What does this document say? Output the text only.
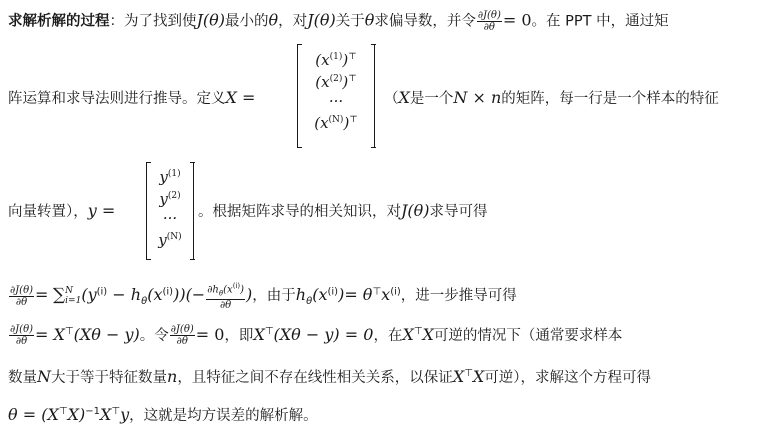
求解析解的过程：为了找到使J(θ)最小的θ，对J(θ)关于θ求偏导数，并令 $\frac{\partial J(\theta)}{\partial\theta} = 0$。在 PPT 中，通过矩
阵运算和求导法则进行推导。定义X =	（X是一个N × n的矩阵，每一行是一个样本的特征
$(x^{(1)})^⊤$
$(x^{(2)})^⊤$
···
$(x^{(N)})^⊤$
向量转置），y =	。根据矩阵求导的相关知识，对J(θ)求导可得
$y^{(1)}$
$y^{(2)}$
···
$y^{(N)}$
$\frac{\partial J(\theta)}{\partial\theta}$ = ∑ N
i=1 $(y^{(i)} - h_\theta(x^{(i)}))(- \frac{\partial h_\theta(x^{(i)})}{\partial\theta}$ )，由于$h_\theta(x^{(i)})= \theta^⊤x^{(i)}$，进一步推导可得
$\frac{\partial J(\theta)}{\partial\theta} = X^⊤(X\theta - y)$。令 $\frac{\partial J(\theta)}{\partial\theta} = 0$，即X⊤(Xθ − y) = 0，在X⊤X可逆的情况下（通常要求样本
数量N大于等于特征数量n，且特征之间不存在线性相关关系，以保证X⊤X可逆），求解这个方程可得
$\theta = (X^⊤X)^{-1}X^⊤y$，这就是均方误差的解析解。
